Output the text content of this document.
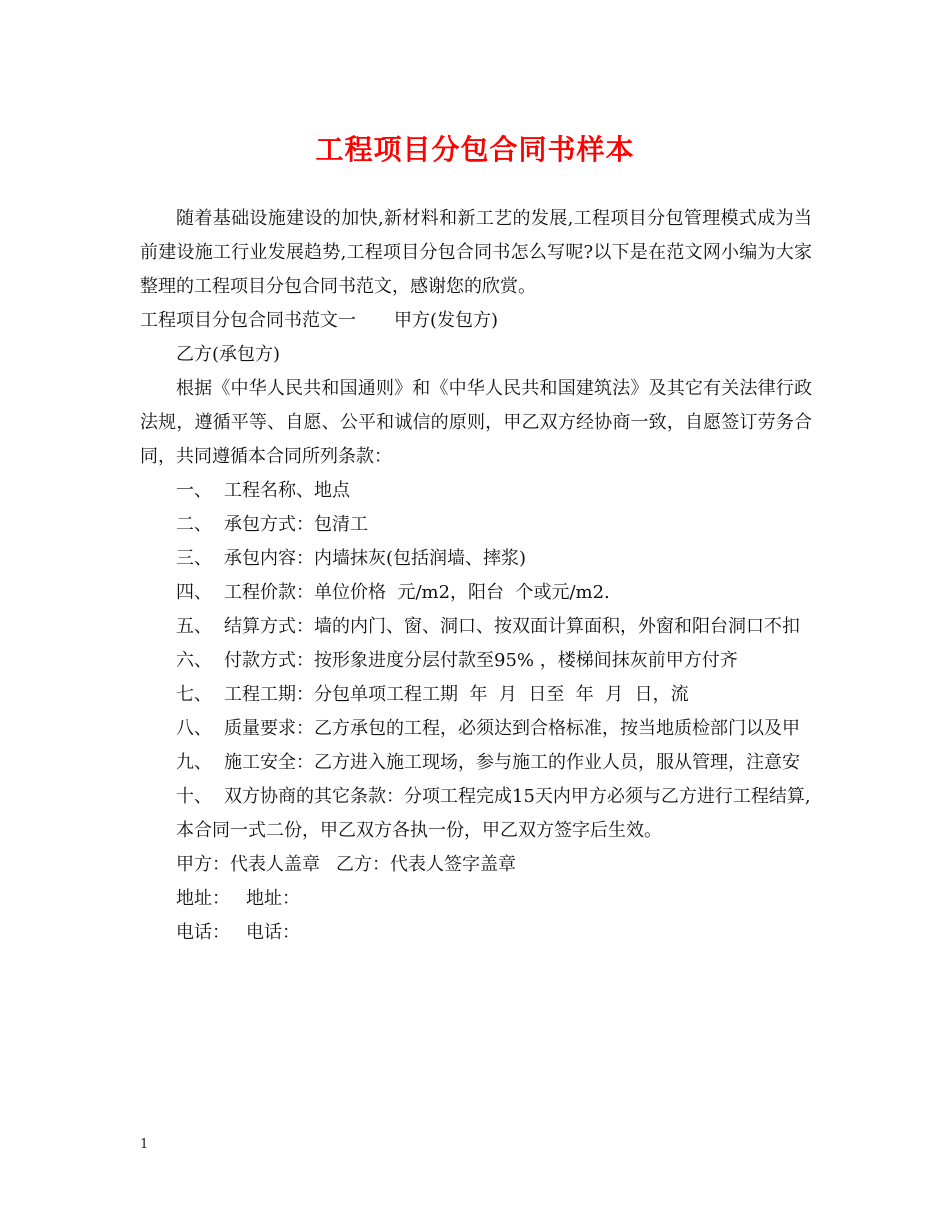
工程项目分包合同书样本

随着基础设施建设的加快,新材料和新工艺的发展,工程项目分包管理模式成为当前建设施工行业发展趋势,工程项目分包合同书怎么写呢?以下是在范文网小编为大家整理的工程项目分包合同书范文，感谢您的欣赏。

工程项目分包合同书范文一 甲方(发包方)

乙方(承包方)

根据《中华人民共和国通则》和《中华人民共和国建筑法》及其它有关法律行政法规，遵循平等、自愿、公平和诚信的原则，甲乙双方经协商一致，自愿签订劳务合同，共同遵循本合同所列条款：

一、 工程名称、地点

二、 承包方式：包清工

三、 承包内容：内墙抹灰(包括润墙、摔浆)

四、 工程价款：单位价格  元/m2，阳台  个或元/m2.

五、 结算方式：墙的内门、窗、洞口、按双面计算面积，外窗和阳台洞口不扣

六、 付款方式：按形象进度分层付款至95% ，楼梯间抹灰前甲方付齐

七、 工程工期：分包单项工程工期  年  月  日至  年  月  日，流

八、 质量要求：乙方承包的工程，必须达到合格标准，按当地质检部门以及甲

九、 施工安全：乙方进入施工现场，参与施工的作业人员，服从管理，注意安

十、 双方协商的其它条款：分项工程完成15天内甲方必须与乙方进行工程结算,

本合同一式二份，甲乙双方各执一份，甲乙双方签字后生效。

甲方：代表人盖章 乙方：代表人签字盖章

地址： 地址：

电话： 电话：

1
